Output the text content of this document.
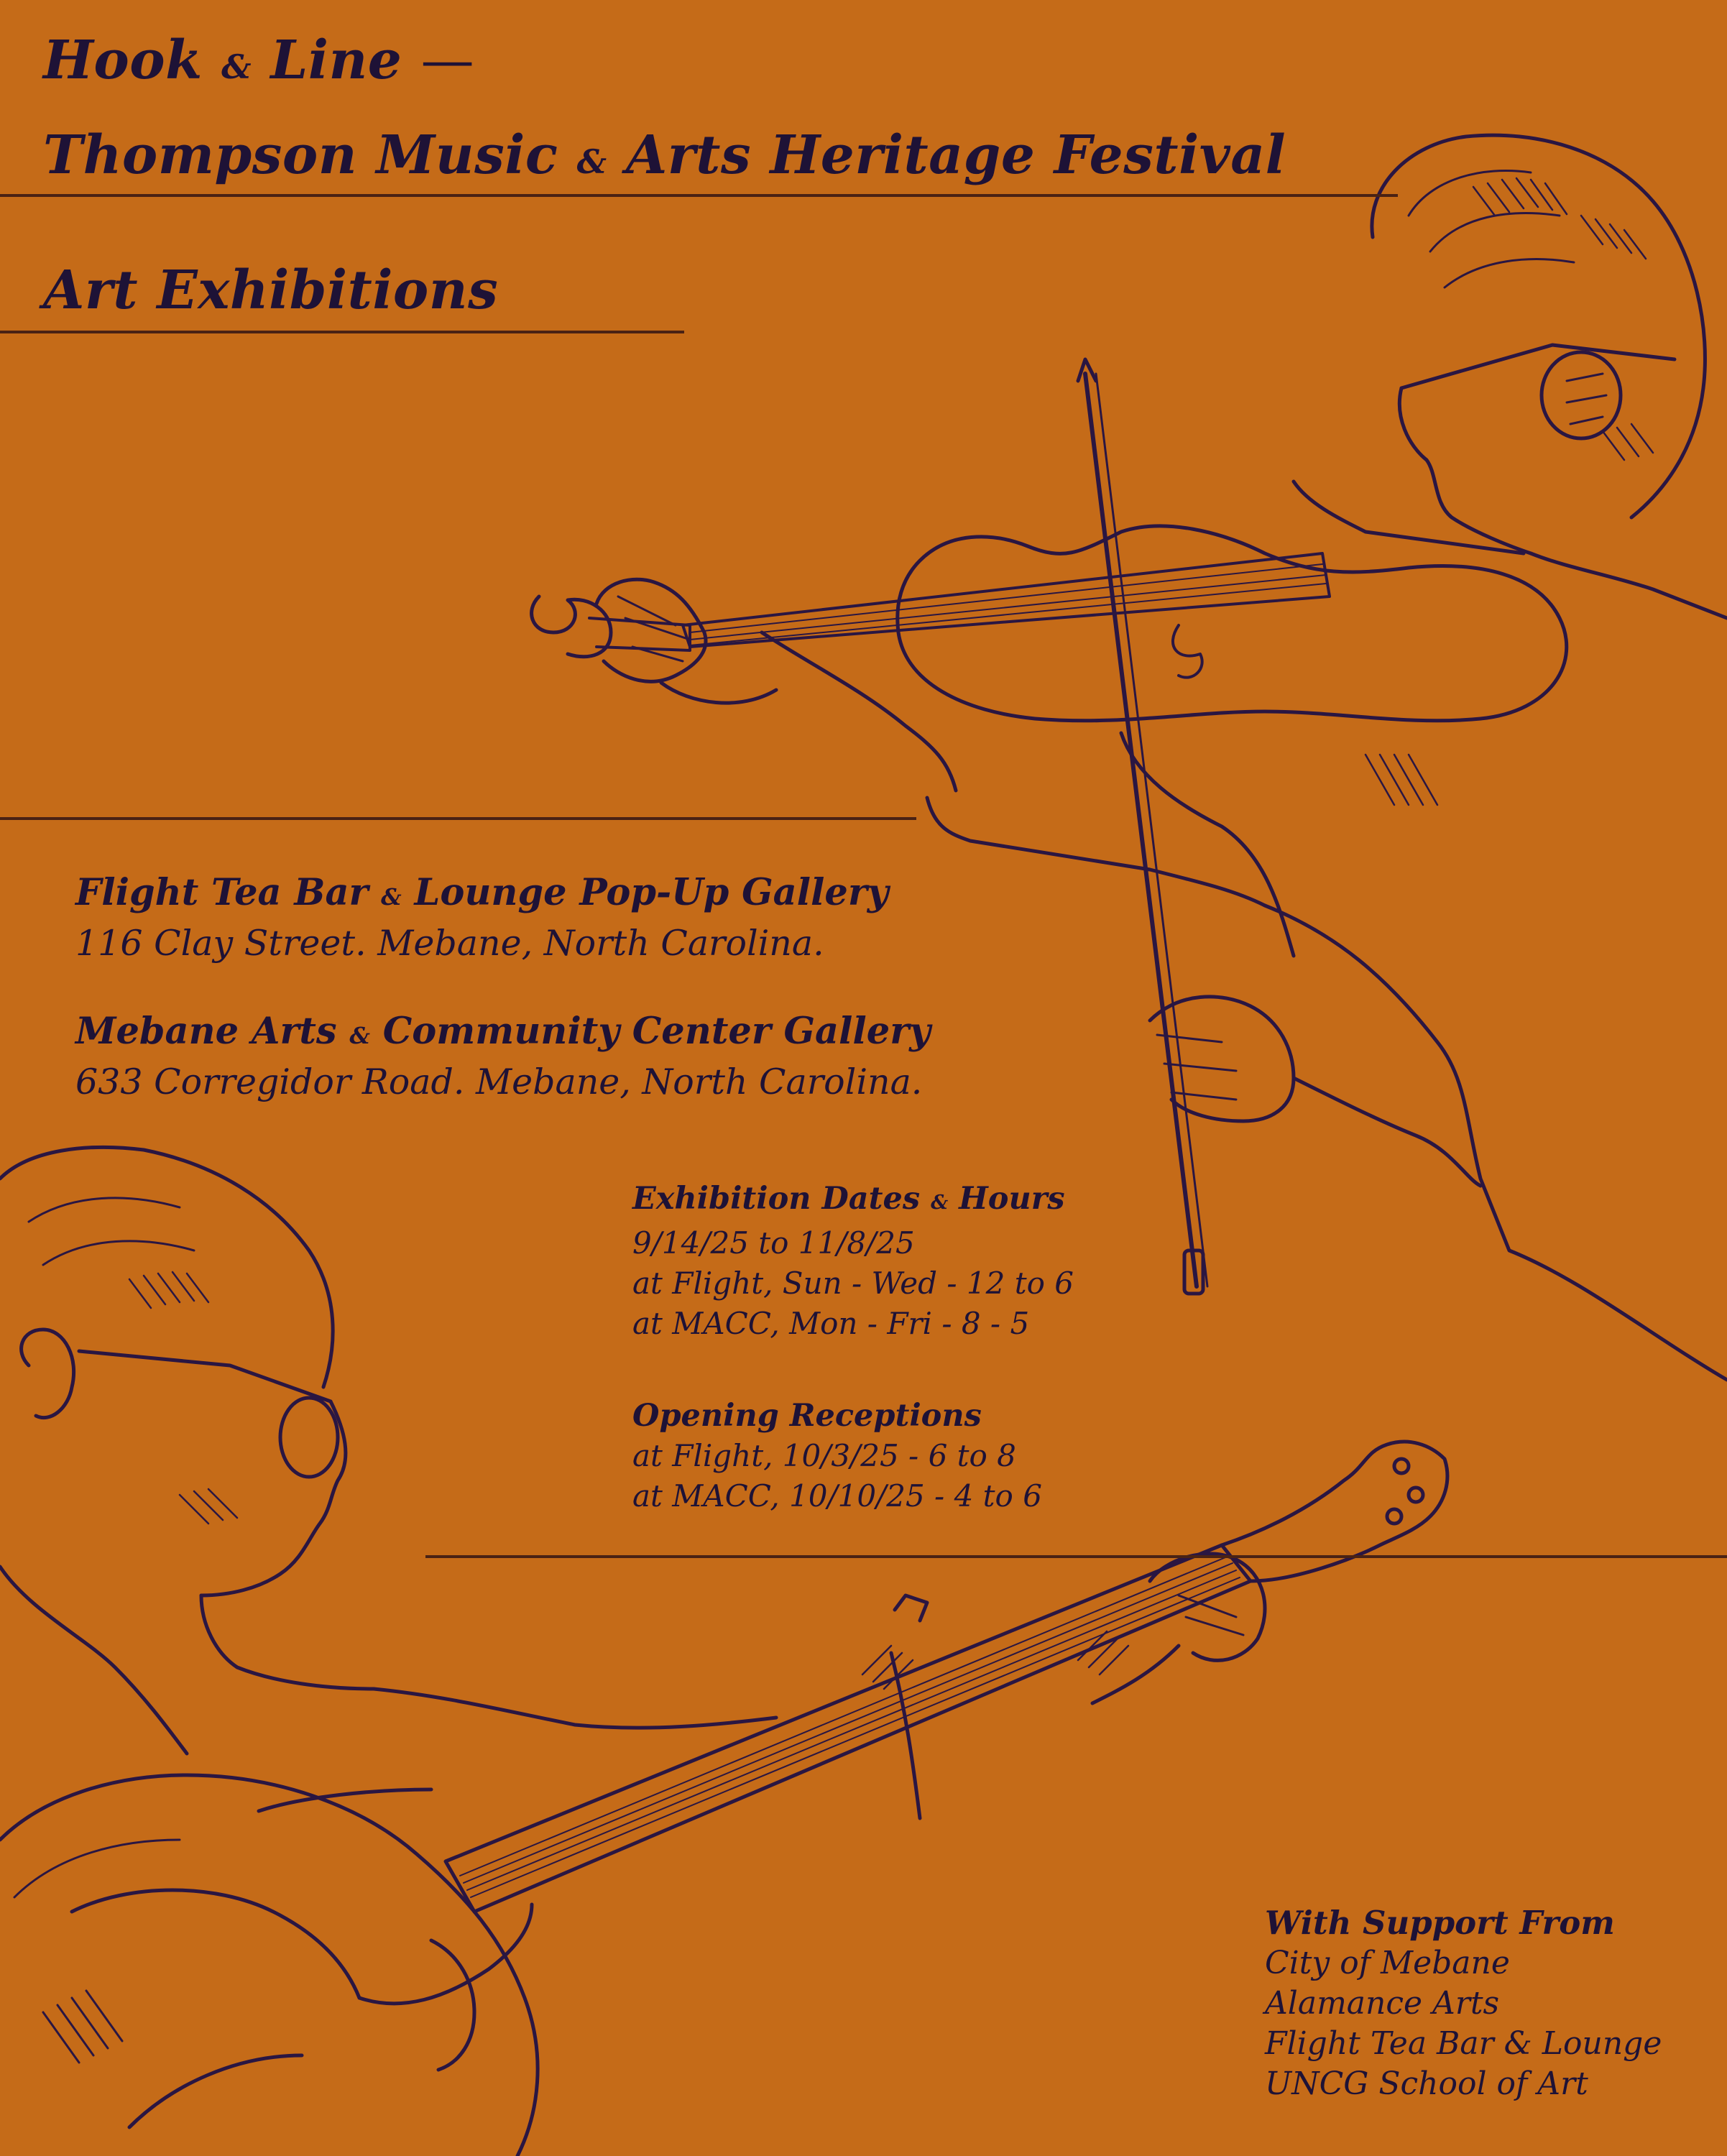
Hook & Line —
Thompson Music & Arts Heritage Festival
Art Exhibitions
Flight Tea Bar & Lounge Pop-Up Gallery
116 Clay Street. Mebane, North Carolina.
Mebane Arts & Community Center Gallery
633 Corregidor Road. Mebane, North Carolina.
Exhibition Dates & Hours
9/14/25 to 11/8/25
at Flight, Sun - Wed - 12 to 6
at MACC, Mon - Fri - 8 - 5
Opening Receptions
at Flight, 10/3/25 - 6 to 8
at MACC, 10/10/25 - 4 to 6
With Support From
City of Mebane
Alamance Arts
Flight Tea Bar & Lounge
UNCG School of Art
